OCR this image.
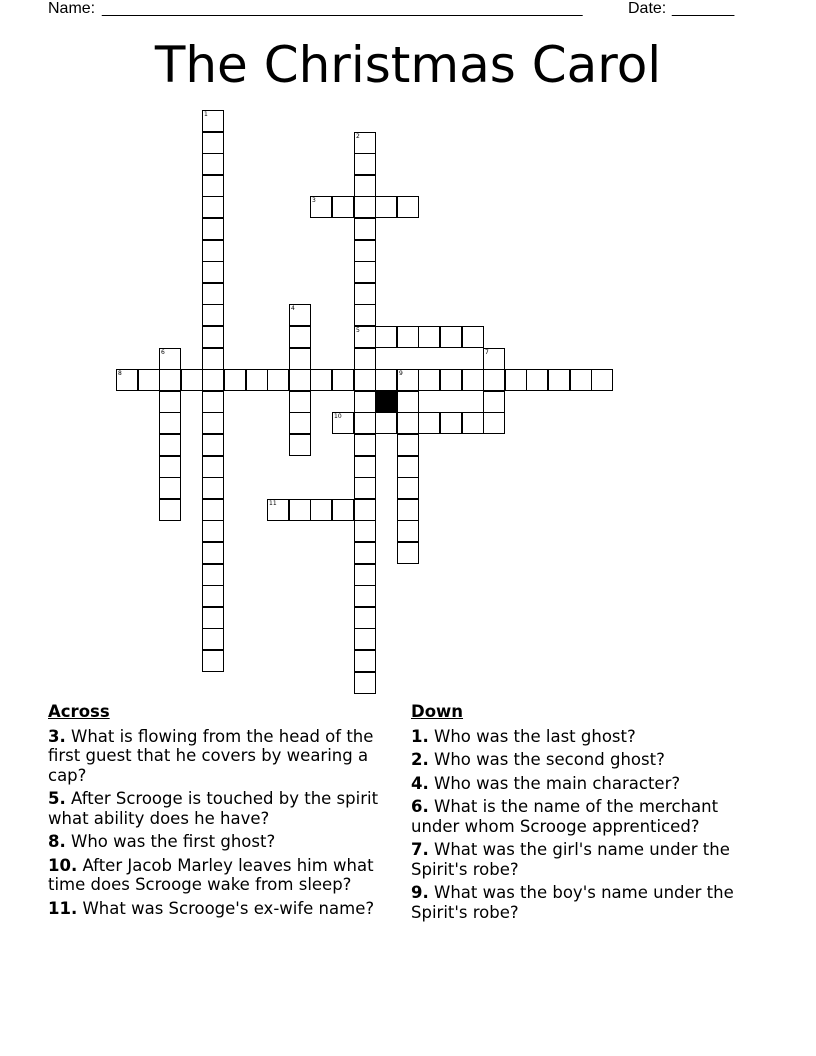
Name: ______________________________________________________	Date: _______
The Christmas Carol
1
2
5
3
4
6	7
8	9
10
11
Across
3. What is flowing from the head of the first guest that he covers by wearing a cap?
5. After Scrooge is touched by the spirit what ability does he have?
8. Who was the first ghost?
10. After Jacob Marley leaves him what time does Scrooge wake from sleep?
11. What was Scrooge's ex-wife name?
Down
1. Who was the last ghost?
2. Who was the second ghost?
4. Who was the main character?
6. What is the name of the merchant under whom Scrooge apprenticed?
7. What was the girl's name under the Spirit's robe?
9. What was the boy's name under the Spirit's robe?
